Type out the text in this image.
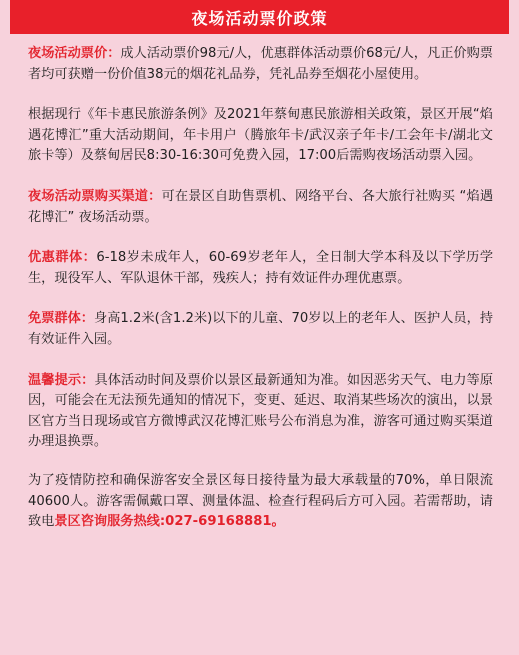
夜场活动票价政策

夜场活动票价：成人活动票价98元/人，优惠群体活动票价68元/人，凡正价购票者均可获赠一份价值38元的烟花礼品券，凭礼品券至烟花小屋使用。

根据现行《年卡惠民旅游条例》及2021年蔡甸惠民旅游相关政策，景区开展“焰遇花博汇”重大活动期间，年卡用户（腾旅年卡/武汉亲子年卡/工会年卡/湖北文旅卡等）及蔡甸居民8:30-16:30可免费入园，17:00后需购夜场活动票入园。

夜场活动票购买渠道：可在景区自助售票机、网络平台、各大旅行社购买 “焰遇花博汇” 夜场活动票。

优惠群体：6-18岁未成年人，60-69岁老年人，全日制大学本科及以下学历学生，现役军人、军队退休干部，残疾人；持有效证件办理优惠票。

免票群体：身高1.2米(含1.2米)以下的儿童、70岁以上的老年人、医护人员，持有效证件入园。

温馨提示：具体活动时间及票价以景区最新通知为准。如因恶劣天气、电力等原因，可能会在无法预先通知的情况下，变更、延迟、取消某些场次的演出，以景区官方当日现场或官方微博武汉花博汇账号公布消息为准，游客可通过购买渠道办理退换票。

为了疫情防控和确保游客安全景区每日接待量为最大承载量的70%，单日限流40600人。游客需佩戴口罩、测量体温、检查行程码后方可入园。若需帮助，请致电景区咨询服务热线:027-69168881。
